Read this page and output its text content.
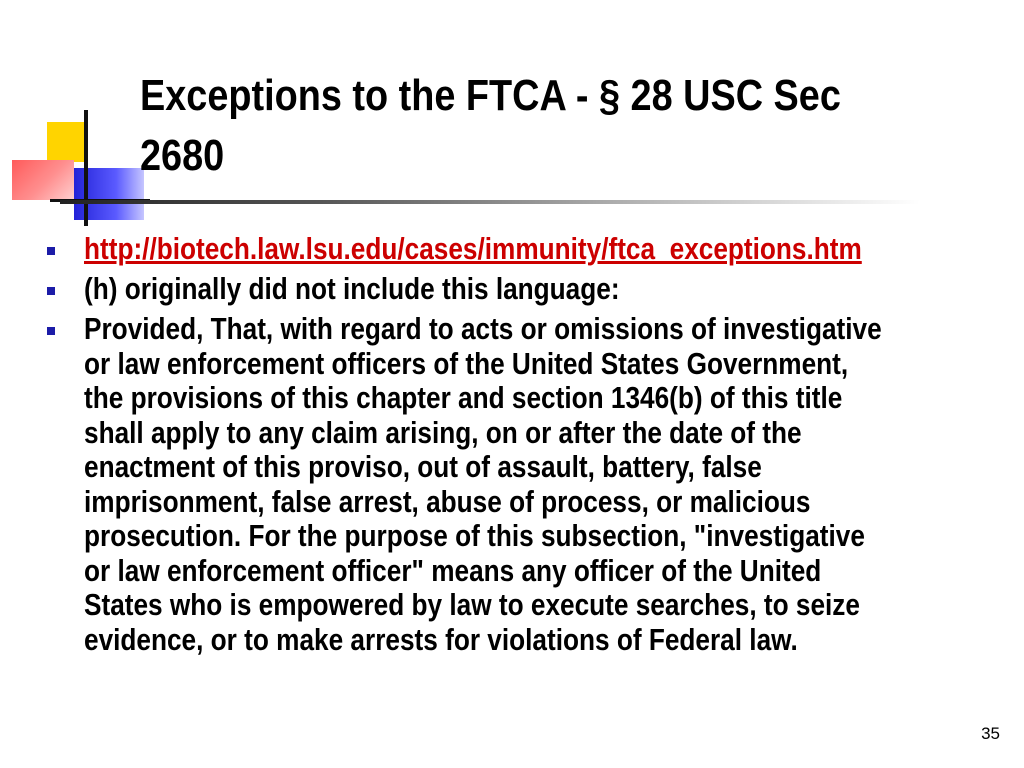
Exceptions to the FTCA - § 28 USC Sec 2680
http://biotech.law.lsu.edu/cases/immunity/ftca_exceptions.htm
(h) originally did not include this language:
Provided, That, with regard to acts or omissions of investigative
or law enforcement officers of the United States Government,
the provisions of this chapter and section 1346(b) of this title
shall apply to any claim arising, on or after the date of the
enactment of this proviso, out of assault, battery, false
imprisonment, false arrest, abuse of process, or malicious
prosecution. For the purpose of this subsection, "investigative
or law enforcement officer" means any officer of the United
States who is empowered by law to execute searches, to seize
evidence, or to make arrests for violations of Federal law.
35
